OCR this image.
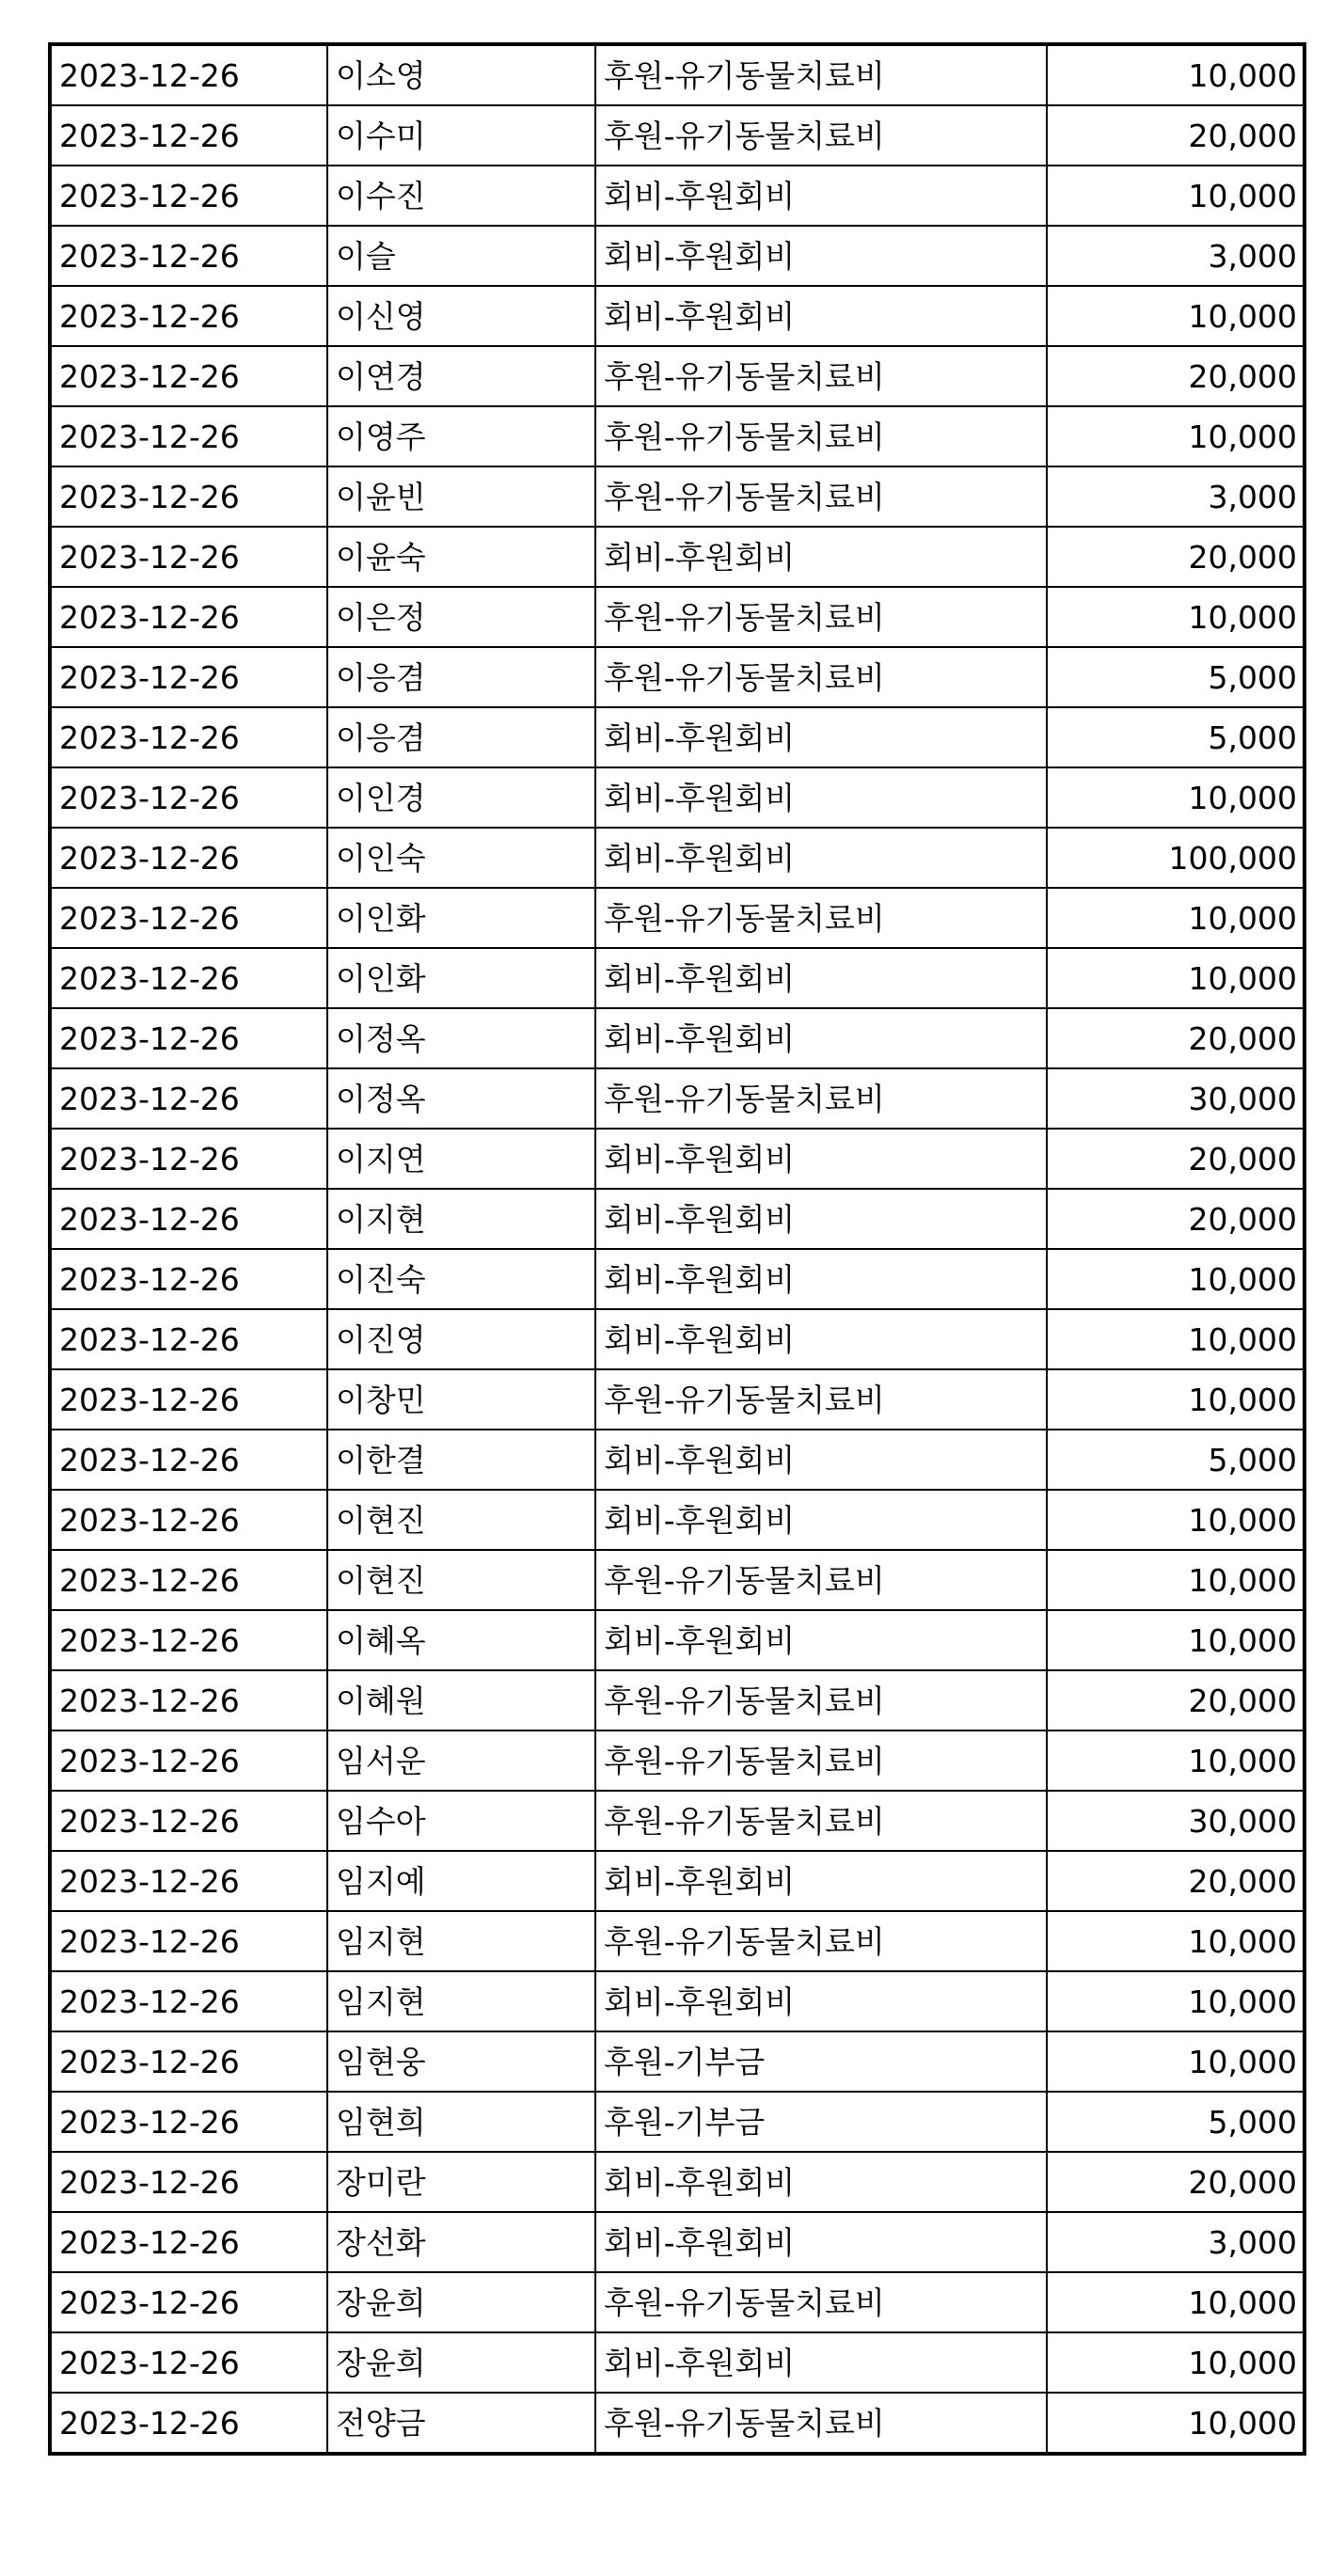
2023-12-26	이소영	후원-유기동물치료비	10,000
2023-12-26	이수미	후원-유기동물치료비	20,000
2023-12-26	이수진	회비-후원회비	10,000
2023-12-26	이슬	회비-후원회비	3,000
2023-12-26	이신영	회비-후원회비	10,000
2023-12-26	이연경	후원-유기동물치료비	20,000
2023-12-26	이영주	후원-유기동물치료비	10,000
2023-12-26	이윤빈	후원-유기동물치료비	3,000
2023-12-26	이윤숙	회비-후원회비	20,000
2023-12-26	이은정	후원-유기동물치료비	10,000
2023-12-26	이응겸	후원-유기동물치료비	5,000
2023-12-26	이응겸	회비-후원회비	5,000
2023-12-26	이인경	회비-후원회비	10,000
2023-12-26	이인숙	회비-후원회비	100,000
2023-12-26	이인화	후원-유기동물치료비	10,000
2023-12-26	이인화	회비-후원회비	10,000
2023-12-26	이정옥	회비-후원회비	20,000
2023-12-26	이정옥	후원-유기동물치료비	30,000
2023-12-26	이지연	회비-후원회비	20,000
2023-12-26	이지현	회비-후원회비	20,000
2023-12-26	이진숙	회비-후원회비	10,000
2023-12-26	이진영	회비-후원회비	10,000
2023-12-26	이창민	후원-유기동물치료비	10,000
2023-12-26	이한결	회비-후원회비	5,000
2023-12-26	이현진	회비-후원회비	10,000
2023-12-26	이현진	후원-유기동물치료비	10,000
2023-12-26	이혜옥	회비-후원회비	10,000
2023-12-26	이혜원	후원-유기동물치료비	20,000
2023-12-26	임서운	후원-유기동물치료비	10,000
2023-12-26	임수아	후원-유기동물치료비	30,000
2023-12-26	임지예	회비-후원회비	20,000
2023-12-26	임지현	후원-유기동물치료비	10,000
2023-12-26	임지현	회비-후원회비	10,000
2023-12-26	임현웅	후원-기부금	10,000
2023-12-26	임현희	후원-기부금	5,000
2023-12-26	장미란	회비-후원회비	20,000
2023-12-26	장선화	회비-후원회비	3,000
2023-12-26	장윤희	후원-유기동물치료비	10,000
2023-12-26	장윤희	회비-후원회비	10,000
2023-12-26	전양금	후원-유기동물치료비	10,000
